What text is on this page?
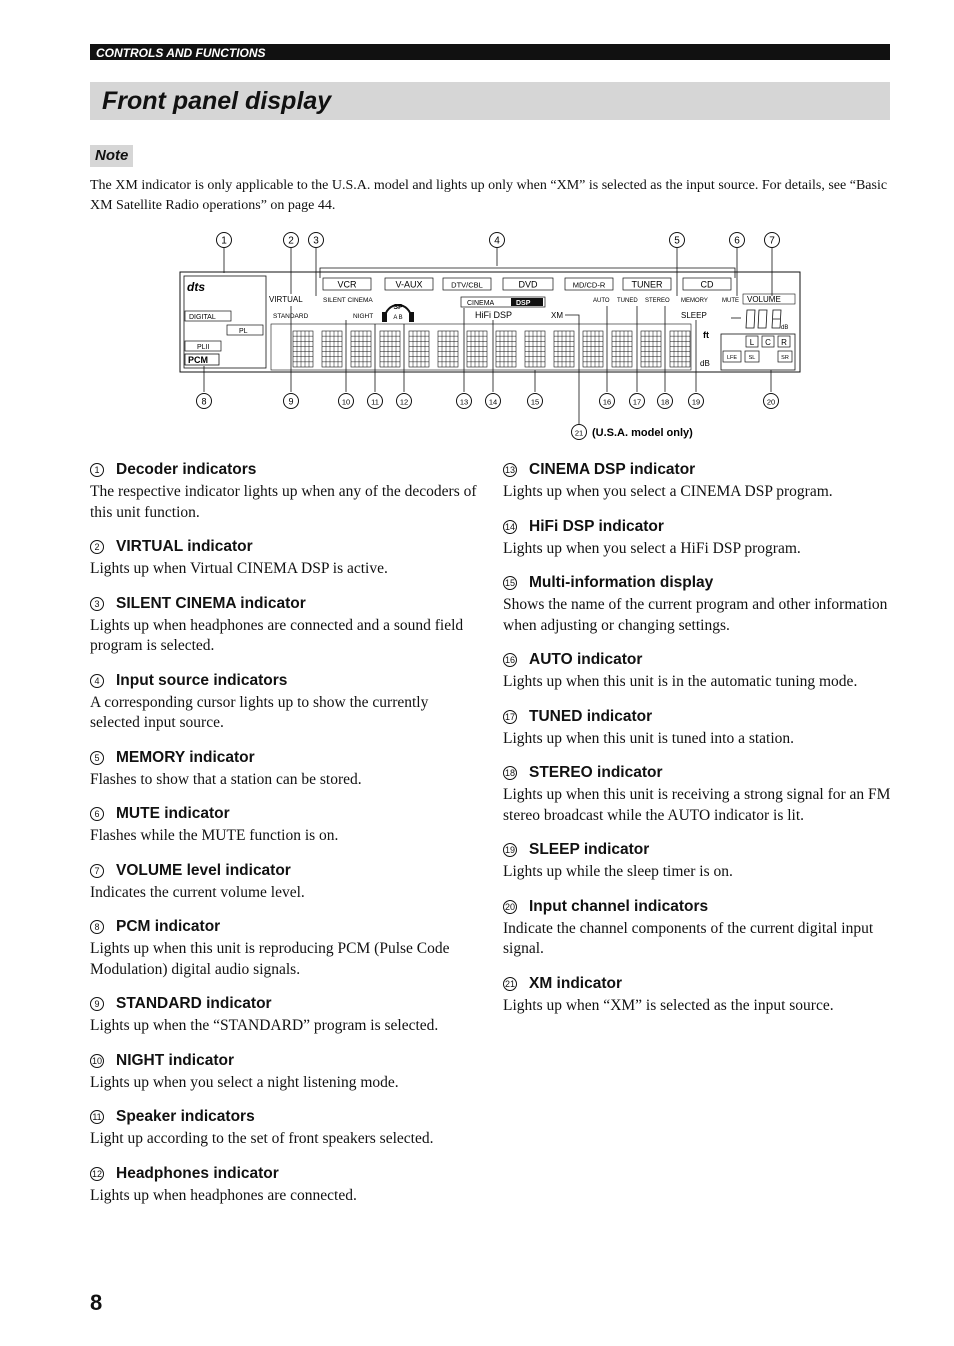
CONTROLS AND FUNCTIONS
Front panel display
Note
The XM indicator is only applicable to the U.S.A. model and lights up only when “XM” is selected as the input source. For details, see “Basic XM Satellite Radio operations” on page 44.
1	2 3	4	5	6	7
dts
DIGITAL
PL
PLII
PCM
VCR	V-AUX	DTV/CBL	DVD	MD/CD-R	TUNER	CD
VIRTUAL	SILENT CINEMA
STANDARD	NIGHT
SP
A B
CINEMA	DSP
HiFi DSP	XM
AUTO TUNED STEREO MEMORY MUTE VOLUME
SLEEP
ft
dB
dB
L C R
LFE SL	SR
8	9	10	11	12	13	14	15	16	17	18	19	20
21 (U.S.A. model only)
1 Decoder indicators

The respective indicator lights up when any of the decoders of this unit function.

2 VIRTUAL indicator

Lights up when Virtual CINEMA DSP is active.

3 SILENT CINEMA indicator

Lights up when headphones are connected and a sound field program is selected.

4 Input source indicators

A corresponding cursor lights up to show the currently selected input source.

5 MEMORY indicator

Flashes to show that a station can be stored.

6 MUTE indicator

Flashes while the MUTE function is on.

7 VOLUME level indicator

Indicates the current volume level.

8 PCM indicator

Lights up when this unit is reproducing PCM (Pulse Code Modulation) digital audio signals.

9 STANDARD indicator

Lights up when the “STANDARD” program is selected.

10 NIGHT indicator

Lights up when you select a night listening mode.

11 Speaker indicators

Light up according to the set of front speakers selected.

12 Headphones indicator

Lights up when headphones are connected.

13 CINEMA DSP indicator

Lights up when you select a CINEMA DSP program.

14 HiFi DSP indicator

Lights up when you select a HiFi DSP program.

15 Multi-information display

Shows the name of the current program and other information when adjusting or changing settings.

16 AUTO indicator

Lights up when this unit is in the automatic tuning mode.

17 TUNED indicator

Lights up when this unit is tuned into a station.

18 STEREO indicator

Lights up when this unit is receiving a strong signal for an FM stereo broadcast while the AUTO indicator is lit.

19 SLEEP indicator

Lights up while the sleep timer is on.

20 Input channel indicators

Indicate the channel components of the current digital input signal.

21 XM indicator

Lights up when “XM” is selected as the input source.

8
